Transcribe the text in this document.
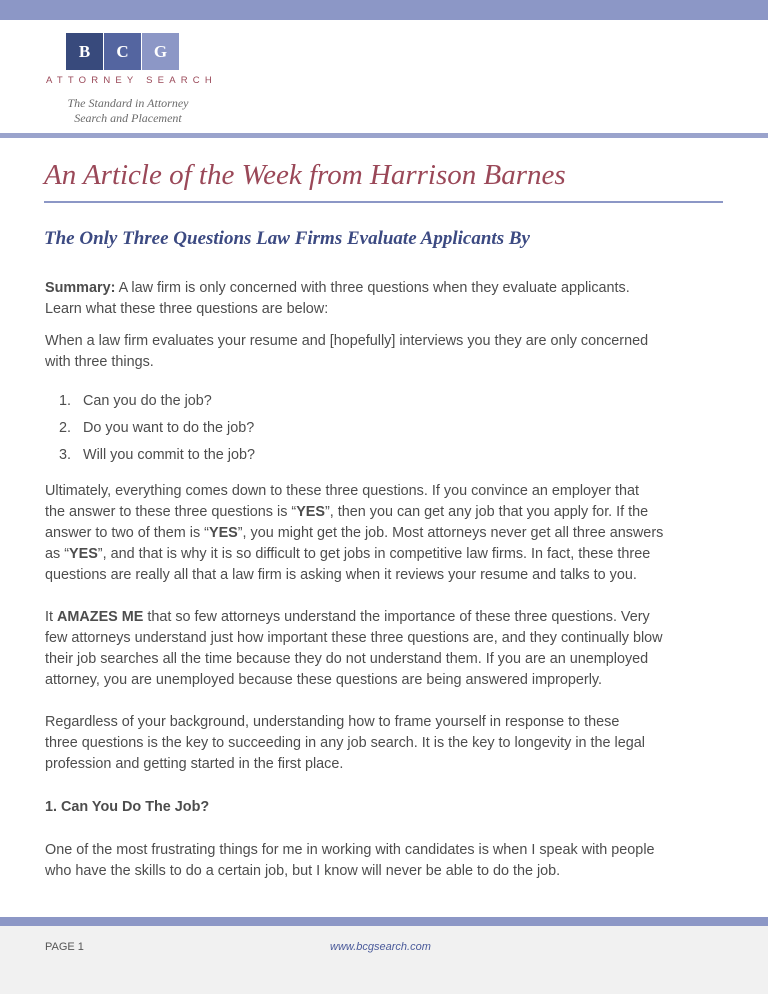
B	C	G
ATTORNEY SEARCH
The Standard in Attorney
Search and Placement
An Article of the Week from Harrison Barnes
The Only Three Questions Law Firms Evaluate Applicants By

Summary: A law firm is only concerned with three questions when they evaluate applicants.
Learn what these three questions are below:

When a law firm evaluates your resume and [hopefully] interviews you they are only concerned
with three things.

1. Can you do the job?
2. Do you want to do the job?
3. Will you commit to the job?

Ultimately, everything comes down to these three questions. If you convince an employer that
the answer to these three questions is “YES”, then you can get any job that you apply for. If the
answer to two of them is “YES”, you might get the job. Most attorneys never get all three answers
as “YES”, and that is why it is so difficult to get jobs in competitive law firms. In fact, these three
questions are really all that a law firm is asking when it reviews your resume and talks to you.

It AMAZES ME that so few attorneys understand the importance of these three questions. Very
few attorneys understand just how important these three questions are, and they continually blow
their job searches all the time because they do not understand them. If you are an unemployed
attorney, you are unemployed because these questions are being answered improperly.

Regardless of your background, understanding how to frame yourself in response to these
three questions is the key to succeeding in any job search. It is the key to longevity in the legal
profession and getting started in the first place.

1. Can You Do The Job?

One of the most frustrating things for me in working with candidates is when I speak with people
who have the skills to do a certain job, but I know will never be able to do the job.

PAGE 1	www.bcgsearch.com
